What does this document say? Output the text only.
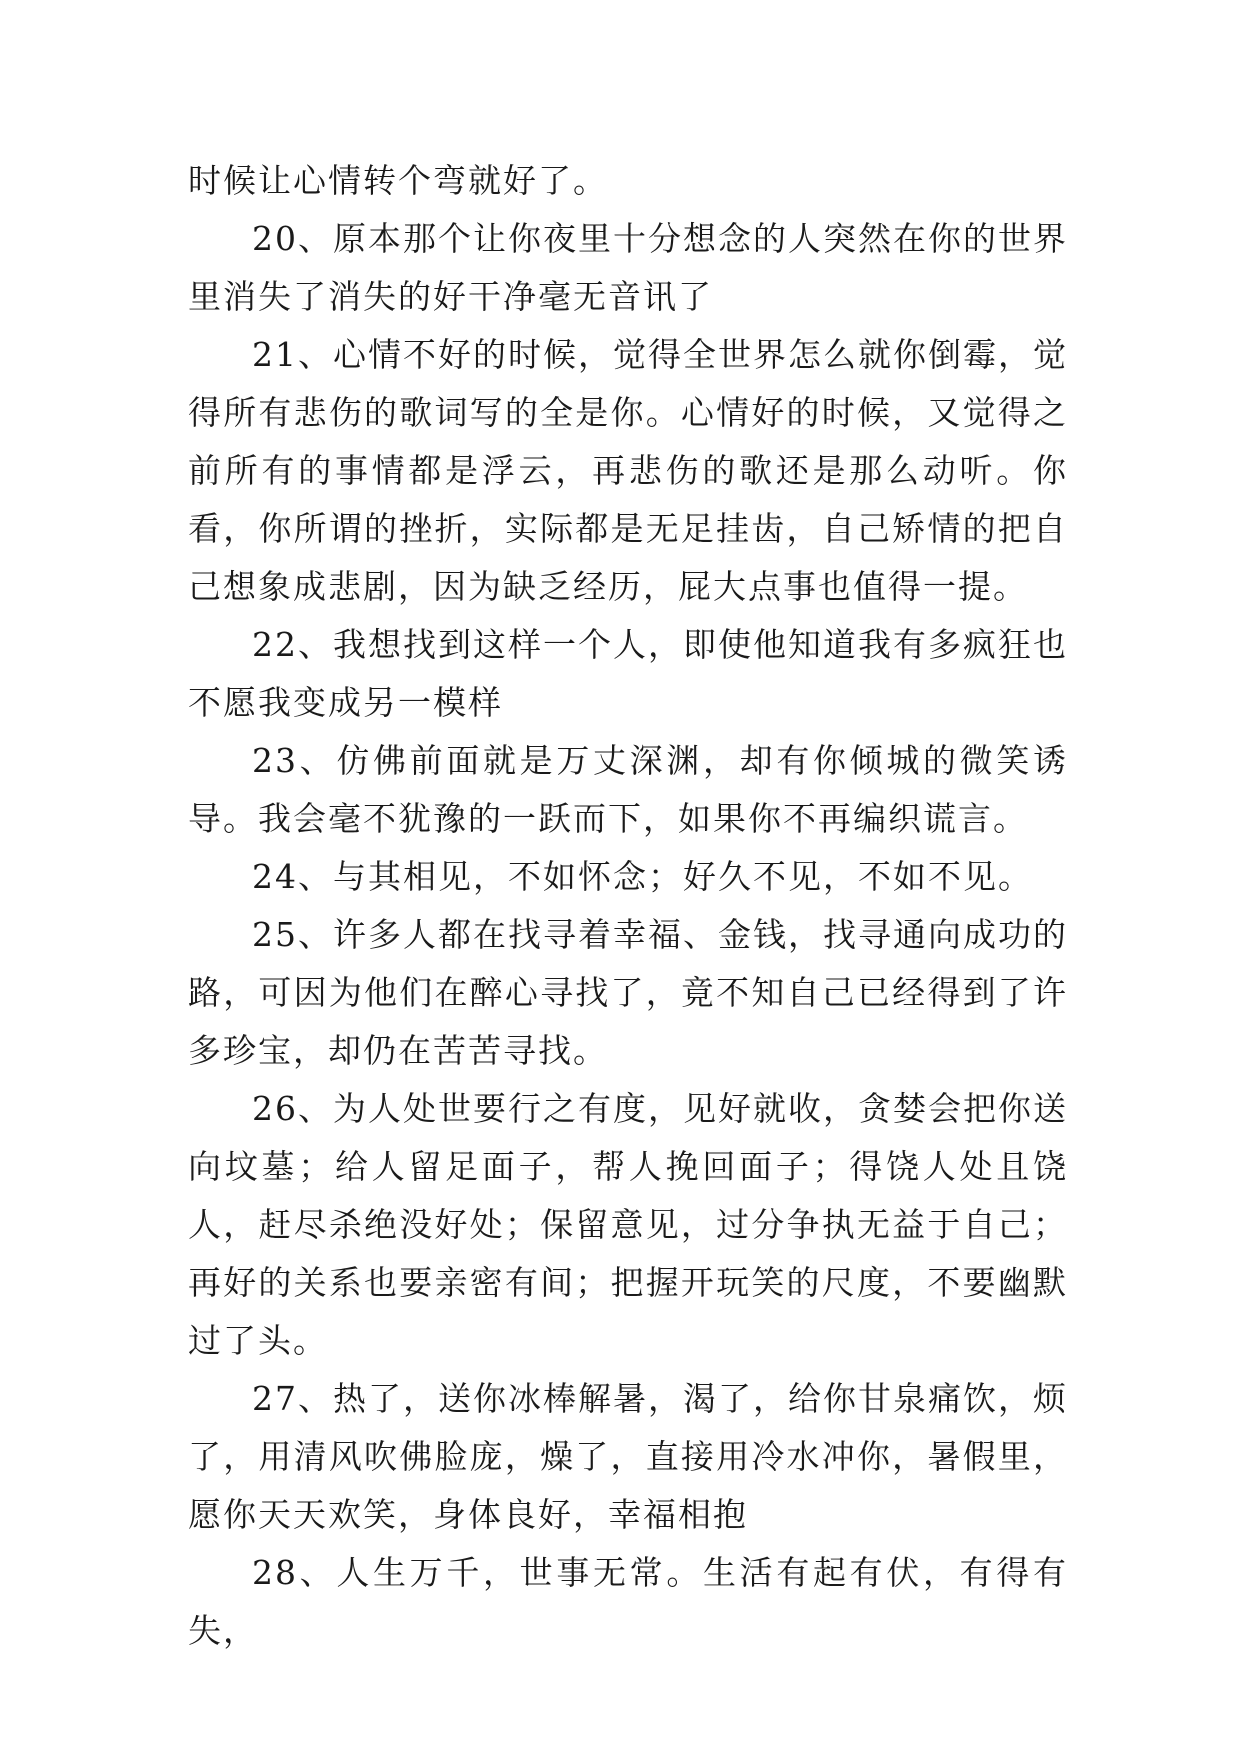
时候让心情转个弯就好了。

20、原本那个让你夜里十分想念的人突然在你的世界里消失了消失的好干净毫无音讯了

21、心情不好的时候，觉得全世界怎么就你倒霉，觉得所有悲伤的歌词写的全是你。心情好的时候，又觉得之前所有的事情都是浮云，再悲伤的歌还是那么动听。你看，你所谓的挫折，实际都是无足挂齿，自己矫情的把自己想象成悲剧，因为缺乏经历，屁大点事也值得一提。

22、我想找到这样一个人，即使他知道我有多疯狂也不愿我变成另一模样

23、仿佛前面就是万丈深渊，却有你倾城的微笑诱导。我会毫不犹豫的一跃而下，如果你不再编织谎言。

24、与其相见，不如怀念；好久不见，不如不见。

25、许多人都在找寻着幸福、金钱，找寻通向成功的路，可因为他们在醉心寻找了，竟不知自己已经得到了许多珍宝，却仍在苦苦寻找。

26、为人处世要行之有度，见好就收，贪婪会把你送向坟墓；给人留足面子，帮人挽回面子；得饶人处且饶人，赶尽杀绝没好处；保留意见，过分争执无益于自己；再好的关系也要亲密有间；把握开玩笑的尺度，不要幽默过了头。

27、热了，送你冰棒解暑，渴了，给你甘泉痛饮，烦了，用清风吹佛脸庞，燥了，直接用冷水冲你，暑假里，愿你天天欢笑，身体良好，幸福相抱

28、人生万千，世事无常。生活有起有伏，有得有失，
